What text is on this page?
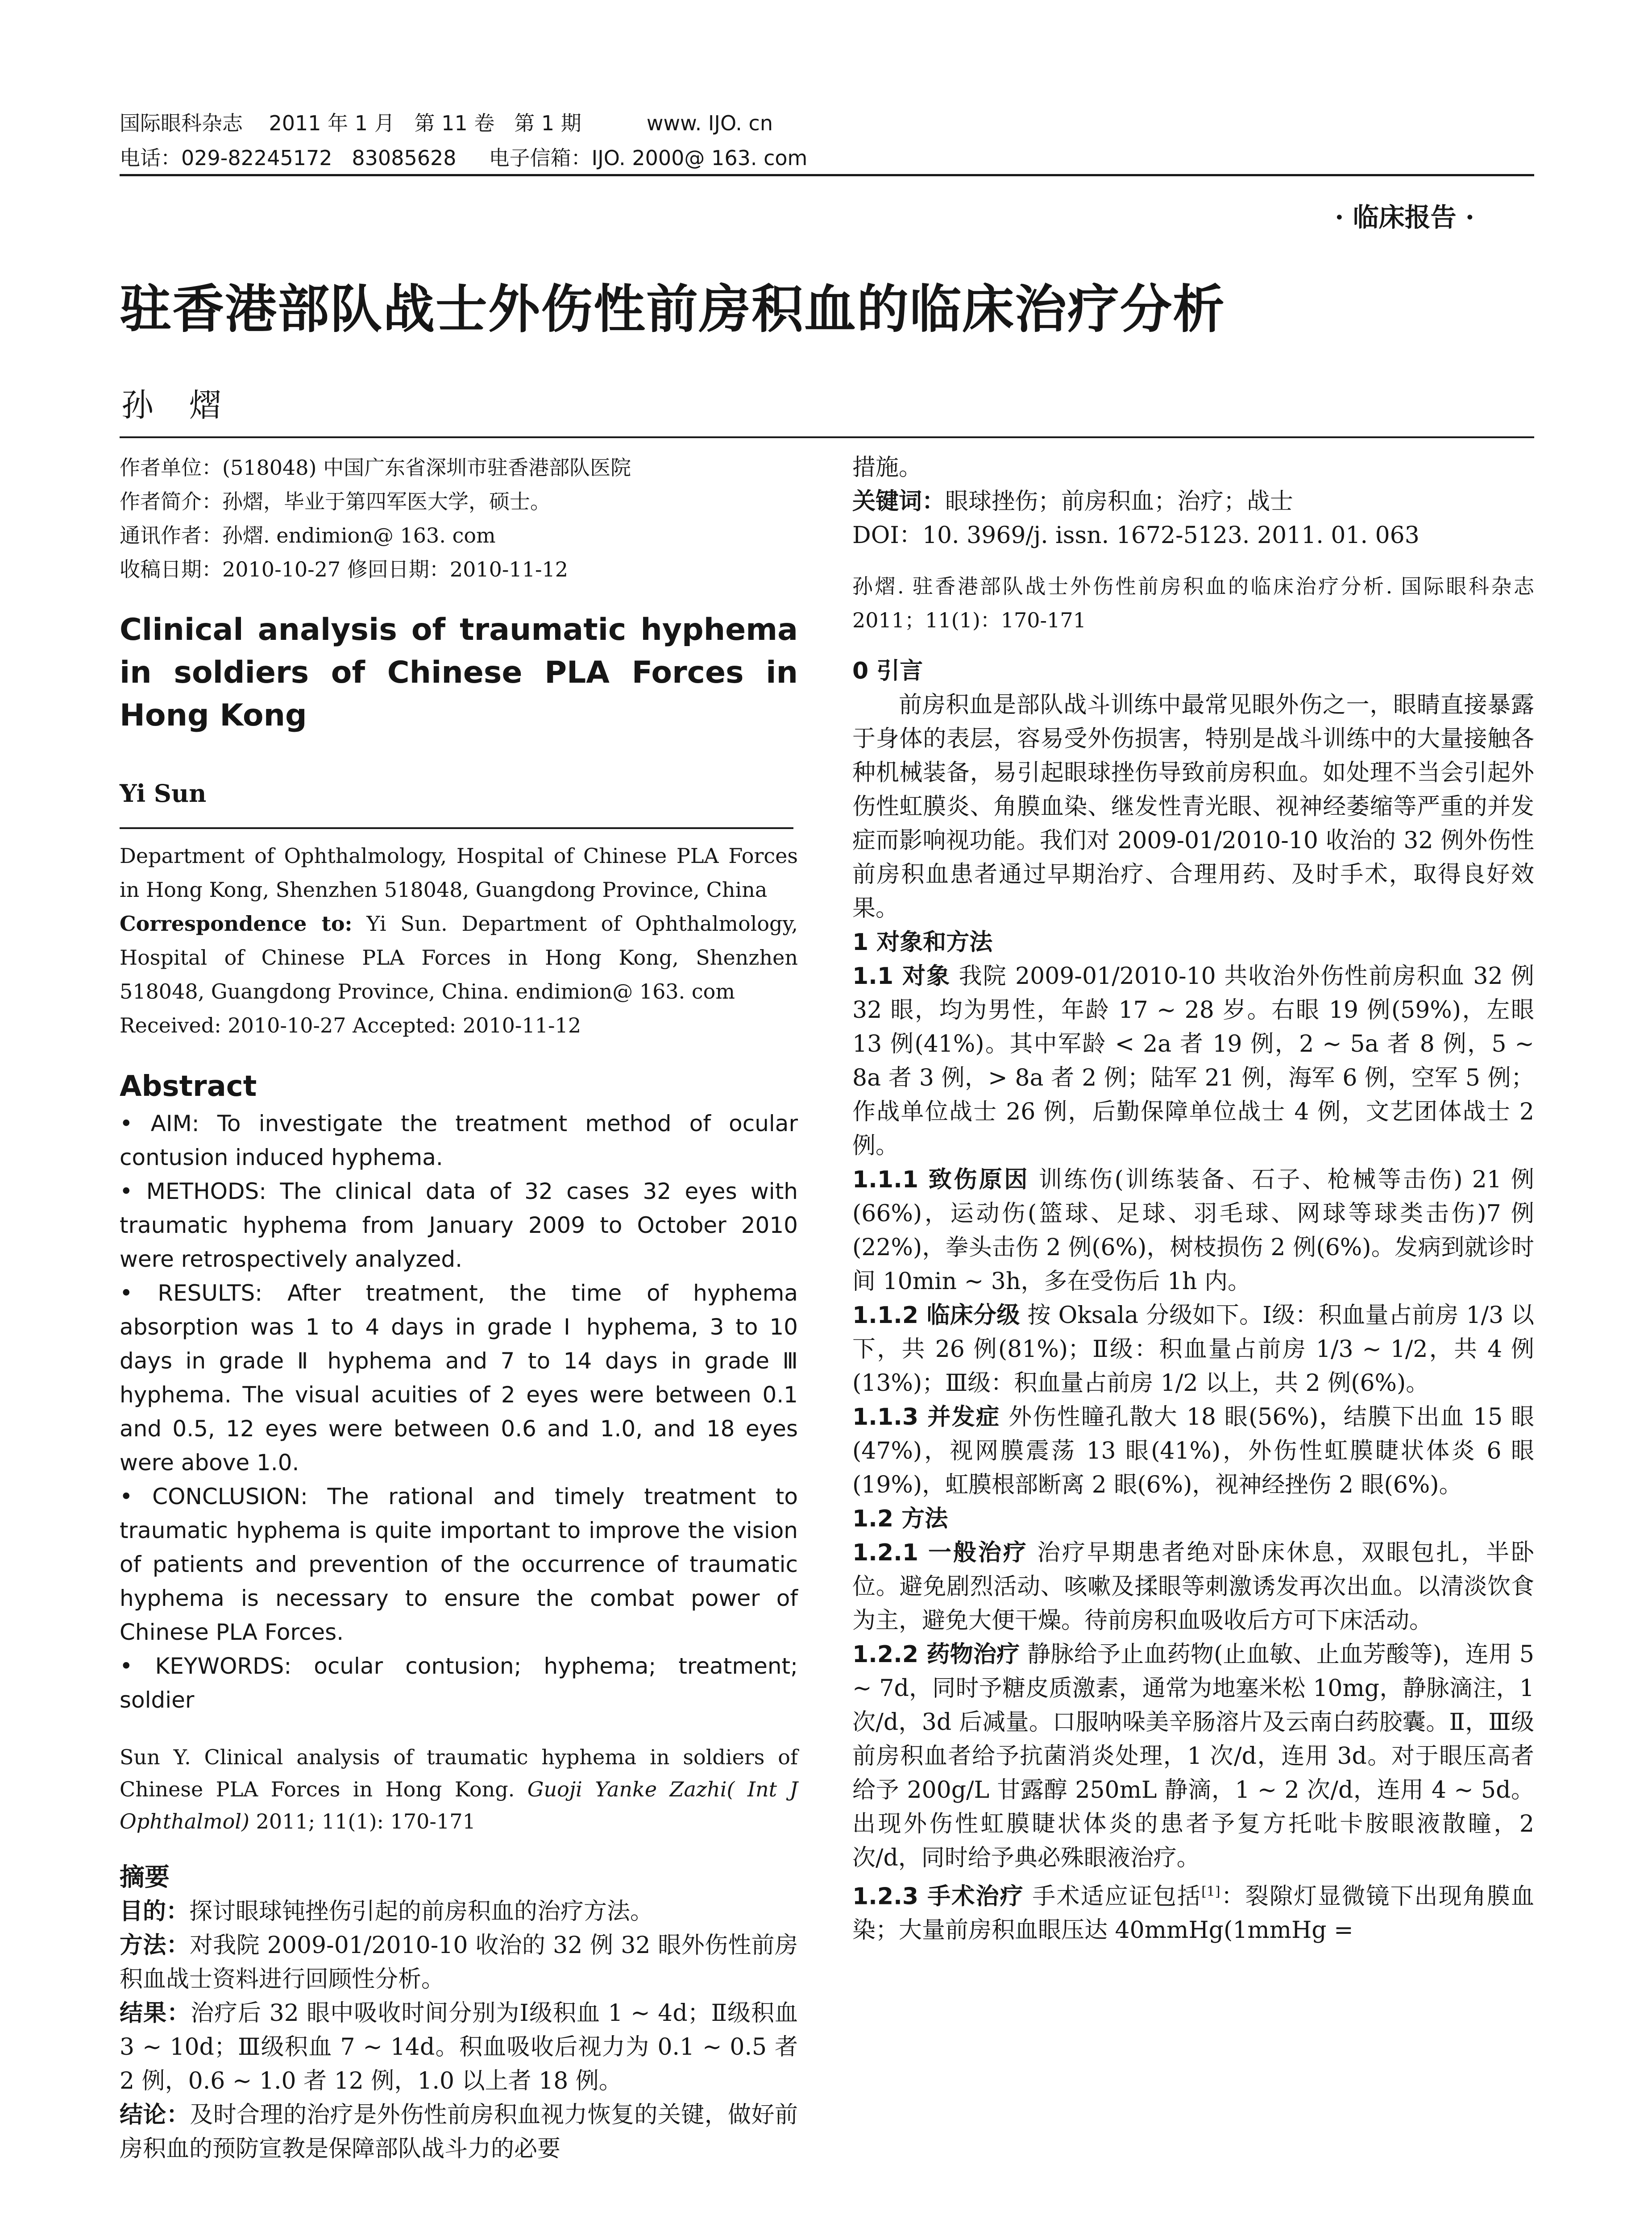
国际眼科杂志    2011 年 1 月   第 11 卷   第 1 期          www. IJO. cn
电话：029-82245172   83085628     电子信箱：IJO. 2000@ 163. com
· 临床报告 ·
驻香港部队战士外伤性前房积血的临床治疗分析
孙熠
作者单位：(518048) 中国广东省深圳市驻香港部队医院
作者简介：孙熠，毕业于第四军医大学，硕士。
通讯作者：孙熠. endimion@ 163. com
收稿日期：2010-10-27 修回日期：2010-11-12
Clinical analysis of traumatic hyphema in soldiers of Chinese PLA Forces in Hong Kong
Yi Sun
Department of Ophthalmology, Hospital of Chinese PLA Forces in Hong Kong, Shenzhen 518048, Guangdong Province, China
Correspondence to: Yi Sun. Department of Ophthalmology, Hospital of Chinese PLA Forces in Hong Kong, Shenzhen 518048, Guangdong Province, China. endimion@ 163. com
Received: 2010-10-27 Accepted: 2010-11-12
Abstract

• AIM: To investigate the treatment method of ocular contusion induced hyphema.

• METHODS: The clinical data of 32 cases 32 eyes with traumatic hyphema from January 2009 to October 2010 were retrospectively analyzed.

• RESULTS: After treatment, the time of hyphema absorption was 1 to 4 days in grade Ⅰ hyphema, 3 to 10 days in grade Ⅱ hyphema and 7 to 14 days in grade Ⅲ hyphema. The visual acuities of 2 eyes were between 0.1 and 0.5, 12 eyes were between 0.6 and 1.0, and 18 eyes were above 1.0.

• CONCLUSION: The rational and timely treatment to traumatic hyphema is quite important to improve the vision of patients and prevention of the occurrence of traumatic hyphema is necessary to ensure the combat power of Chinese PLA Forces.

• KEYWORDS: ocular contusion; hyphema; treatment; soldier

Sun Y. Clinical analysis of traumatic hyphema in soldiers of Chinese PLA Forces in Hong Kong. Guoji Yanke Zazhi( Int J Ophthalmol) 2011; 11(1): 170-171
摘要

目的：探讨眼球钝挫伤引起的前房积血的治疗方法。

方法：对我院 2009-01/2010-10 收治的 32 例 32 眼外伤性前房积血战士资料进行回顾性分析。

结果：治疗后 32 眼中吸收时间分别为Ⅰ级积血 1 ~ 4d；Ⅱ级积血 3 ~ 10d；Ⅲ级积血 7 ~ 14d。积血吸收后视力为 0.1 ~ 0.5 者 2 例，0.6 ~ 1.0 者 12 例，1.0 以上者 18 例。

结论：及时合理的治疗是外伤性前房积血视力恢复的关键，做好前房积血的预防宣教是保障部队战斗力的必要

措施。
关键词：眼球挫伤；前房积血；治疗；战士
DOI：10. 3969/j. issn. 1672-5123. 2011. 01. 063
孙熠. 驻香港部队战士外伤性前房积血的临床治疗分析. 国际眼科杂志 2011；11(1)：170-171
0 引言

前房积血是部队战斗训练中最常见眼外伤之一，眼睛直接暴露于身体的表层，容易受外伤损害，特别是战斗训练中的大量接触各种机械装备，易引起眼球挫伤导致前房积血。如处理不当会引起外伤性虹膜炎、角膜血染、继发性青光眼、视神经萎缩等严重的并发症而影响视功能。我们对 2009-01/2010-10 收治的 32 例外伤性前房积血患者通过早期治疗、合理用药、及时手术，取得良好效果。

1 对象和方法

1.1 对象 我院 2009-01/2010-10 共收治外伤性前房积血 32 例 32 眼，均为男性，年龄 17 ~ 28 岁。右眼 19 例(59%)，左眼 13 例(41%)。其中军龄 < 2a 者 19 例，2 ~ 5a 者 8 例，5 ~ 8a 者 3 例，> 8a 者 2 例；陆军 21 例，海军 6 例，空军 5 例；作战单位战士 26 例，后勤保障单位战士 4 例，文艺团体战士 2 例。

1.1.1 致伤原因 训练伤(训练装备、石子、枪械等击伤) 21 例(66%)，运动伤(篮球、足球、羽毛球、网球等球类击伤)7 例(22%)，拳头击伤 2 例(6%)，树枝损伤 2 例(6%)。发病到就诊时间 10min ~ 3h，多在受伤后 1h 内。

1.1.2 临床分级 按 Oksala 分级如下。Ⅰ级：积血量占前房 1/3 以下，共 26 例(81%)；Ⅱ级：积血量占前房 1/3 ~ 1/2，共 4 例(13%)；Ⅲ级：积血量占前房 1/2 以上，共 2 例(6%)。

1.1.3 并发症 外伤性瞳孔散大 18 眼(56%)，结膜下出血 15 眼(47%)，视网膜震荡 13 眼(41%)，外伤性虹膜睫状体炎 6 眼(19%)，虹膜根部断离 2 眼(6%)，视神经挫伤 2 眼(6%)。

1.2 方法

1.2.1 一般治疗 治疗早期患者绝对卧床休息，双眼包扎，半卧位。避免剧烈活动、咳嗽及揉眼等刺激诱发再次出血。以清淡饮食为主，避免大便干燥。待前房积血吸收后方可下床活动。

1.2.2 药物治疗 静脉给予止血药物(止血敏、止血芳酸等)，连用 5 ~ 7d，同时予糖皮质激素，通常为地塞米松 10mg，静脉滴注，1 次/d，3d 后减量。口服呐哚美辛肠溶片及云南白药胶囊。Ⅱ，Ⅲ级前房积血者给予抗菌消炎处理，1 次/d，连用 3d。对于眼压高者给予 200g/L 甘露醇 250mL 静滴，1 ~ 2 次/d，连用 4 ~ 5d。出现外伤性虹膜睫状体炎的患者予复方托吡卡胺眼液散瞳，2 次/d，同时给予典必殊眼液治疗。

1.2.3 手术治疗 手术适应证包括[1]：裂隙灯显微镜下出现角膜血染；大量前房积血眼压达 40mmHg(1mmHg =
